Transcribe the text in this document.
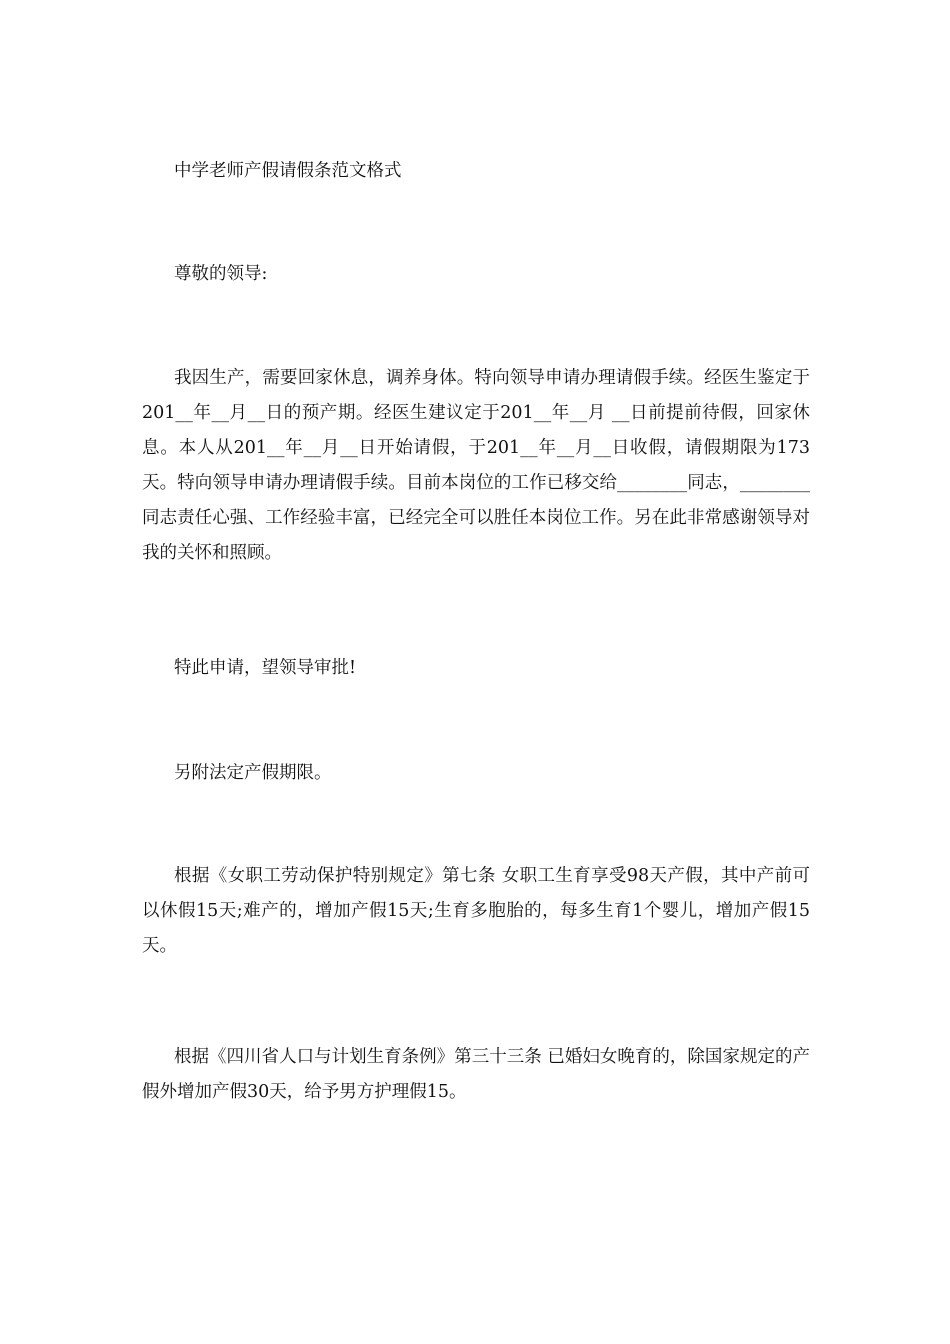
中学老师产假请假条范文格式

尊敬的领导:

我因生产，需要回家休息，调养身体。特向领导申请办理请假手续。经医生鉴定于201__年__月__日的预产期。经医生建议定于201__年__月 __日前提前待假，回家休息。本人从201__年__月__日开始请假，于201__年__月__日收假，请假期限为173天。特向领导申请办理请假手续。目前本岗位的工作已移交给________同志，________同志责任心强、工作经验丰富，已经完全可以胜任本岗位工作。另在此非常感谢领导对我的关怀和照顾。

特此申请，望领导审批!

另附法定产假期限。

根据《女职工劳动保护特别规定》第七条 女职工生育享受98天产假，其中产前可以休假15天;难产的，增加产假15天;生育多胞胎的，每多生育1个婴儿，增加产假15天。

根据《四川省人口与计划生育条例》第三十三条 已婚妇女晚育的，除国家规定的产假外增加产假30天，给予男方护理假15。
